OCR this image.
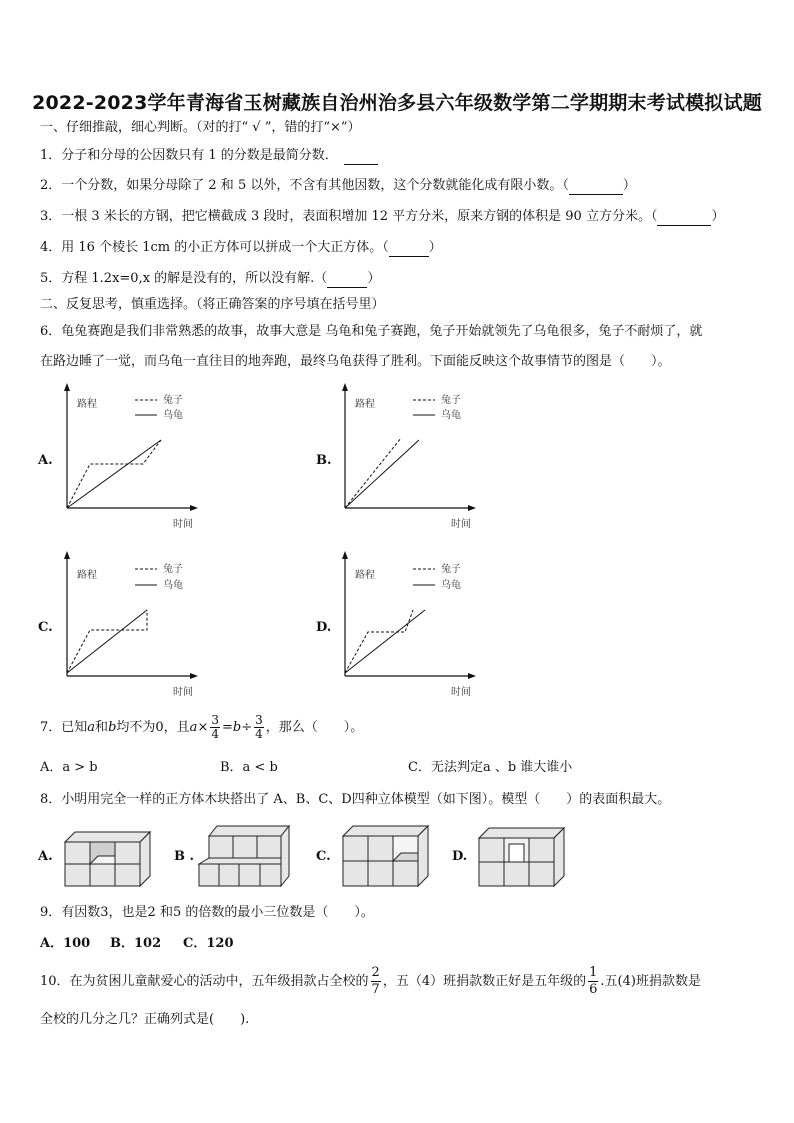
2022-2023学年青海省玉树藏族自治州治多县六年级数学第二学期期末考试模拟试题
一、仔细推敲，细心判断。（对的打“ √ ”，错的打“×”）
1．分子和分母的公因数只有 1 的分数是最简分数．
2．一个分数，如果分母除了 2 和 5 以外，不含有其他因数，这个分数就能化成有限小数。（	）
3．一根 3 米长的方钢，把它横截成 3 段时，表面积增加 12 平方分米，原来方钢的体积是 90 立方分米。（	）
4．用 16 个棱长 1cm 的小正方体可以拼成一个大正方体。（	）
5．方程 1.2x=0,x 的解是没有的，所以没有解.（	）
二、反复思考，慎重选择。（将正确答案的序号填在括号里）
6．龟兔赛跑是我们非常熟悉的故事，故事大意是 乌龟和兔子赛跑，兔子开始就领先了乌龟很多，兔子不耐烦了，就
在路边睡了一觉，而乌龟一直往目的地奔跑，最终乌龟获得了胜利。下面能反映这个故事情节的图是（　　）。
A.	B.
C.	D.
路程
时间
兔子
乌龟
路程
时间
兔子
乌龟
路程
时间
兔子
乌龟
路程
时间
兔子
乌龟
7．已知 a 和 b 均不为0，且 $a \times \frac{3}{4} = b \div \frac{3}{4}$ ，那么（　　）。
A．a > b	B．a < b	C．无法判定a 、b 谁大谁小
8．小明用完全一样的正方体木块搭出了 A、B、C、D四种立体模型（如下图）。模型（　　）的表面积最大。
A.	B .	C.	D.
9．有因数3，也是2 和5 的倍数的最小三位数是（　　）。
A．100 B．102 C．120
10．在为贫困儿童献爱心的活动中，五年级捐款占全校的 $\frac{2}{7}$ ，五（4）班捐款数正好是五年级的 $\frac{1}{6}$ .五(4)班捐款数是
全校的几分之几？正确列式是(　　).
